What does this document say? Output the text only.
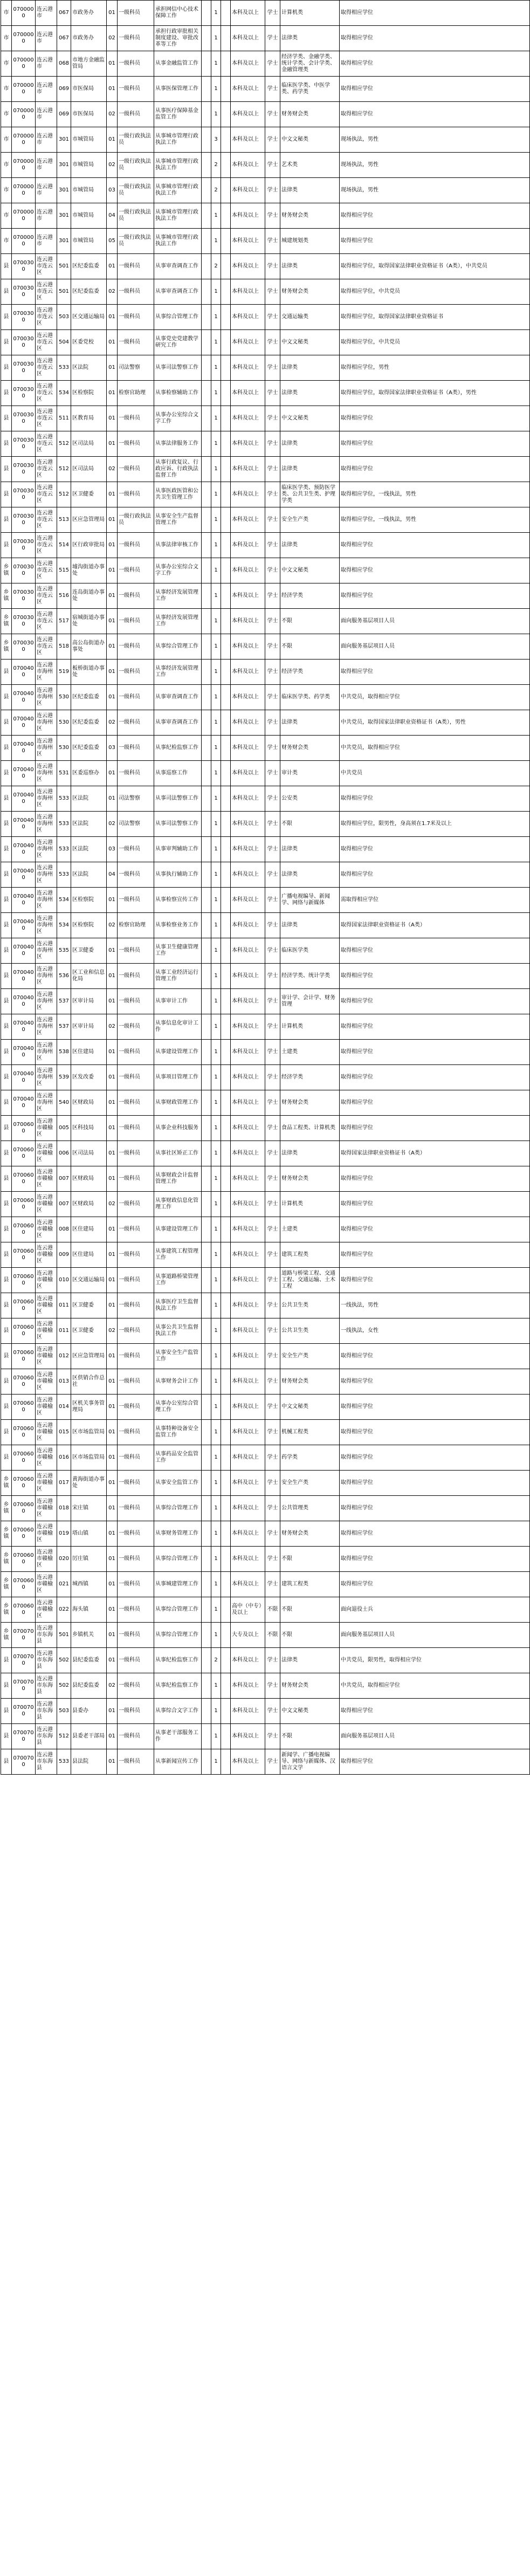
市	0700000	连云港市	067	市政务办	01	一级科员	承担网信中心技术保障工作		1		本科及以上	学士	计算机类	取得相应学位
市	0700000	连云港市	067	市政务办	02	一级科员	承担行政审批相关制度建设、审批改革等工作		1		本科及以上	学士	法律类	取得相应学位
市	0700000	连云港市	068	市地方金融监管局	01	一级科员	从事金融监管工作		1		本科及以上	学士	经济学类、金融学类、统计学类、会计学类、金融管理类	取得相应学位
市	0700000	连云港市	069	市医保局	01	一级科员	从事医保管理工作		1		本科及以上	学士	临床医学类、中医学类、药学类	取得相应学位
市	0700000	连云港市	069	市医保局	02	一级科员	从事医疗保障基金监管工作		1		本科及以上	学士	财务财会类	取得相应学位
市	0700000	连云港市	301	市城管局	01	一级行政执法员	从事城市管理行政执法工作		3		本科及以上	学士	中文文秘类	现场执法，男性
市	0700000	连云港市	301	市城管局	02	一级行政执法员	从事城市管理行政执法工作		2		本科及以上	学士	艺术类	现场执法，男性
市	0700000	连云港市	301	市城管局	03	一级行政执法员	从事城市管理行政执法工作		2		本科及以上	学士	法律类	现场执法，男性
市	0700000	连云港市	301	市城管局	04	一级行政执法员	从事城市管理行政执法工作		1		本科及以上	学士	财务财会类	取得相应学位
市	0700000	连云港市	301	市城管局	05	一级行政执法员	从事城市管理行政执法工作		1		本科及以上	学士	城建规划类	取得相应学位
县	0700300	连云港市连云区	501	区纪委监委	01	一级科员	从事审查调查工作		2		本科及以上	学士	法律类	取得相应学位，取得国家法律职业资格证书（A类），中共党员
县	0700300	连云港市连云区	501	区纪委监委	02	一级科员	从事审查调查工作		1		本科及以上	学士	财务财会类	取得相应学位，中共党员
县	0700300	连云港市连云区	503	区交通运输局	01	一级科员	从事综合管理工作		1		本科及以上	学士	交通运输类	取得相应学位，取得国家法律职业资格证书
县	0700300	连云港市连云区	504	区委党校	01	一级科员	从事党史党建教学研究工作		1		本科及以上	学士	中文文秘类	取得相应学位，中共党员
县	0700300	连云港市连云区	533	区法院	01	司法警察	从事司法警察工作		1		本科及以上	学士	法律类	取得相应学位，男性
县	0700300	连云港市连云区	534	区检察院	01	检察官助理	从事检察辅助工作		1		本科及以上	学士	法律类	取得相应学位，取得国家法律职业资格证书（A类），男性
县	0700300	连云港市连云区	511	区教育局	01	一级科员	从事办公室综合文字工作		1		本科及以上	学士	中文文秘类	取得相应学位
县	0700300	连云港市连云区	512	区司法局	01	一级科员	从事法律服务工作		1		本科及以上	学士	法律类	取得相应学位
县	0700300	连云港市连云区	512	区司法局	02	一级科员	从事行政复议、行政应诉、行政执法监督工作		1		本科及以上	学士	法律类	取得相应学位
县	0700300	连云港市连云区	512	区卫健委	01	一级科员	从事医政医管和公共卫生管理工作		1		本科及以上	学士	临床医学类、预防医学类、公共卫生类、护理学类	取得相应学位，一线执法，男性
县	0700300	连云港市连云区	513	区应急管理局	01	一级行政执法员	从事安全生产监督管理工作		1		本科及以上	学士	安全生产类	取得相应学位，一线执法，男性
县	0700300	连云港市连云区	514	区行政审批局	01	一级科员	从事法律审核工作		1		本科及以上	学士	法律类	取得相应学位
乡镇	0700300	连云港市连云区	515	墟沟街道办事处	01	一级科员	从事办公室综合文字工作		1		本科及以上	学士	中文文秘类	取得相应学位
乡镇	0700300	连云港市连云区	516	连岛街道办事处	01	一级科员	从事经济发展管理工作		1		本科及以上	学士	经济学类	取得相应学位
乡镇	0700300	连云港市连云区	517	宿城街道办事处	01	一级科员	从事经济发展管理工作		1		本科及以上	学士	不限	面向服务基层项目人员
乡镇	0700300	连云港市连云区	518	高公岛街道办事处	01	一级科员	从事综合管理工作		1		本科及以上	学士	不限	面向服务基层项目人员
县	0700400	连云港市海州区	519	板桥街道办事处	01	一级科员	从事经济发展管理工作		1		本科及以上	学士	经济学类	取得相应学位
县	0700400	连云港市海州区	530	区纪委监委	01	一级科员	从事审查调查工作		1		本科及以上	学士	临床医学类、药学类	中共党员，取得相应学位
县	0700400	连云港市海州区	530	区纪委监委	02	一级科员	从事审查调查工作		1		本科及以上	学士	法律类	中共党员，取得国家法律职业资格证书（A类），男性
县	0700400	连云港市海州区	530	区纪委监委	03	一级科员	从事纪检监察工作		1		本科及以上	学士	财务财会类	中共党员，取得相应学位
县	0700400	连云港市海州区	531	区委巡察办	01	一级科员	从事巡察工作		1		本科及以上	学士	审计类	中共党员
县	0700400	连云港市海州区	533	区法院	01	司法警察	从事司法警察工作		1		本科及以上	学士	公安类	取得相应学位
县	0700400	连云港市海州区	533	区法院	02	司法警察	从事司法警察工作		1		本科及以上	学士	不限	取得相应学位，限男性，身高须在1.7米及以上
县	0700400	连云港市海州区	533	区法院	03	一级科员	从事审判辅助工作		1		本科及以上	学士	法律类	取得相应学位
县	0700400	连云港市海州区	533	区法院	04	一级科员	从事执行辅助工作		1		本科及以上	学士	法律类	取得相应学位
县	0700400	连云港市海州区	534	区检察院	01	一级科员	从事检察宣传工作		1		本科及以上	学士	广播电视编导、新闻学、网络与新媒体	需取得相应学位
县	0700400	连云港市海州区	534	区检察院	02	检察官助理	从事检察业务工作		1		本科及以上	学士	法律类	取得国家法律职业资格证书（A类）
县	0700400	连云港市海州区	535	区卫健委	01	一级科员	从事卫生健康管理工作		1		本科及以上	学士	临床医学类	取得相应学位
县	0700400	连云港市海州区	536	区工业和信息化局	01	一级科员	从事工业经济运行管理工作		1		本科及以上	学士	经济学类、统计学类	取得相应学位
县	0700400	连云港市海州区	537	区审计局	01	一级科员	从事审计工作		1		本科及以上	学士	审计学、会计学、财务管理	取得相应学位
县	0700400	连云港市海州区	537	区审计局	02	一级科员	从事信息化审计工作		1		本科及以上	学士	计算机类	取得相应学位
县	0700400	连云港市海州区	538	区住建局	01	一级科员	从事建设管理工作		1		本科及以上	学士	土建类	取得相应学位
县	0700400	连云港市海州区	539	区发改委	01	一级科员	从事项目管理工作		1		本科及以上	学士	经济学类	取得相应学位
县	0700400	连云港市海州区	540	区财政局	01	一级科员	从事财政管理工作		1		本科及以上	学士	财务财会类	取得相应学位
县	0700600	连云港市赣榆区	005	区科技局	01	一级科员	从事企业科技服务		1		本科及以上	学士	食品工程类、计算机类	取得相应学位
县	0700600	连云港市赣榆区	006	区司法局	01	一级科员	从事社区矫正工作		1		本科及以上	学士	法律类	取得国家法律职业资格证书（A类）
县	0700600	连云港市赣榆区	007	区财政局	01	一级科员	从事财政会计监督管理工作		1		本科及以上	学士	财务财会类	取得相应学位
县	0700600	连云港市赣榆区	007	区财政局	02	一级科员	从事财政信息化管理工作		1		本科及以上	学士	计算机类	取得相应学位
县	0700600	连云港市赣榆区	008	区住建局	01	一级科员	从事建设管理工作		1		本科及以上	学士	土建类	取得相应学位
县	0700600	连云港市赣榆区	009	区住建局	01	一级科员	从事建筑工程管理工作		1		本科及以上	学士	建筑工程类	取得相应学位
县	0700600	连云港市赣榆区	010	区交通运输局	01	一级科员	从事道路桥梁管理工作		1		本科及以上	学士	道路与桥梁工程、交通工程、交通运输、土木工程	取得相应学位
县	0700600	连云港市赣榆区	011	区卫健委	01	一级科员	从事医疗卫生监督执法工作		1		本科及以上	学士	公共卫生类	一线执法，男性
县	0700600	连云港市赣榆区	011	区卫健委	02	一级科员	从事公共卫生监督执法工作		1		本科及以上	学士	公共卫生类	一线执法，女性
县	0700600	连云港市赣榆区	012	区应急管理局	01	一级科员	从事安全生产监管工作		1		本科及以上	学士	安全生产类	取得相应学位
县	0700600	连云港市赣榆区	013	区供销合作总社	01	一级科员	从事财务会计工作		1		本科及以上	学士	财务财会类	取得相应学位
县	0700600	连云港市赣榆区	014	区机关事务管理局	01	一级科员	从事办公室综合管理工作		1		本科及以上	学士	中文文秘类	取得相应学位
县	0700600	连云港市赣榆区	015	区市场监管局	01	一级科员	从事特种设备安全监管工作		1		本科及以上	学士	机械工程类	取得相应学位
县	0700600	连云港市赣榆区	016	区市场监管局	01	一级科员	从事药品安全监管工作		1		本科及以上	学士	药学类	取得相应学位
乡镇	0700600	连云港市赣榆区	017	黄海街道办事处	01	一级科员	从事安全监管工作		1		本科及以上	学士	安全生产类	取得相应学位
乡镇	0700600	连云港市赣榆区	018	宋庄镇	01	一级科员	从事综合管理工作		1		本科及以上	学士	公共管理类	取得相应学位
乡镇	0700600	连云港市赣榆区	019	塔山镇	01	一级科员	从事财务管理工作		1		本科及以上	学士	财务财会类	取得相应学位
乡镇	0700600	连云港市赣榆区	020	厉庄镇	01	一级科员	从事综合管理工作		1		本科及以上	学士	不限	取得相应学位
乡镇	0700600	连云港市赣榆区	021	城西镇	01	一级科员	从事城建管理工作		1		本科及以上	学士	建筑工程类	取得相应学位
乡镇	0700600	连云港市赣榆区	022	海头镇	01	一级科员	从事综合管理工作		1		高中（中专）及以上	不限	不限	面向退役士兵
乡镇	0700700	连云港市东海县	501	乡镇机关	01	一级科员	从事综合管理工作		1		大专及以上	不限	不限	面向服务基层项目人员
县	0700700	连云港市东海县	502	县纪委监委	01	一级科员	从事纪检监察工作		2		本科及以上	学士	法律类	中共党员，限男性，取得相应学位
县	0700700	连云港市东海县	502	县纪委监委	02	一级科员	从事纪检监察工作		1		本科及以上	学士	财务财会类	中共党员，取得相应学位
县	0700700	连云港市东海县	503	县委办	01	一级科员	从事综合文字工作		1		本科及以上	学士	中文文秘类	取得相应学位
县	0700700	连云港市东海县	512	县委老干部局	01	一级科员	从事老干部服务工作		1		本科及以上	学士	不限	面向服务基层项目人员
县	0700700	连云港市东海县	533	县法院	01	一级科员	从事新闻宣传工作		1		本科及以上	学士	新闻学、广播电视编导、网络与新媒体、汉语言文学	取得相应学位
